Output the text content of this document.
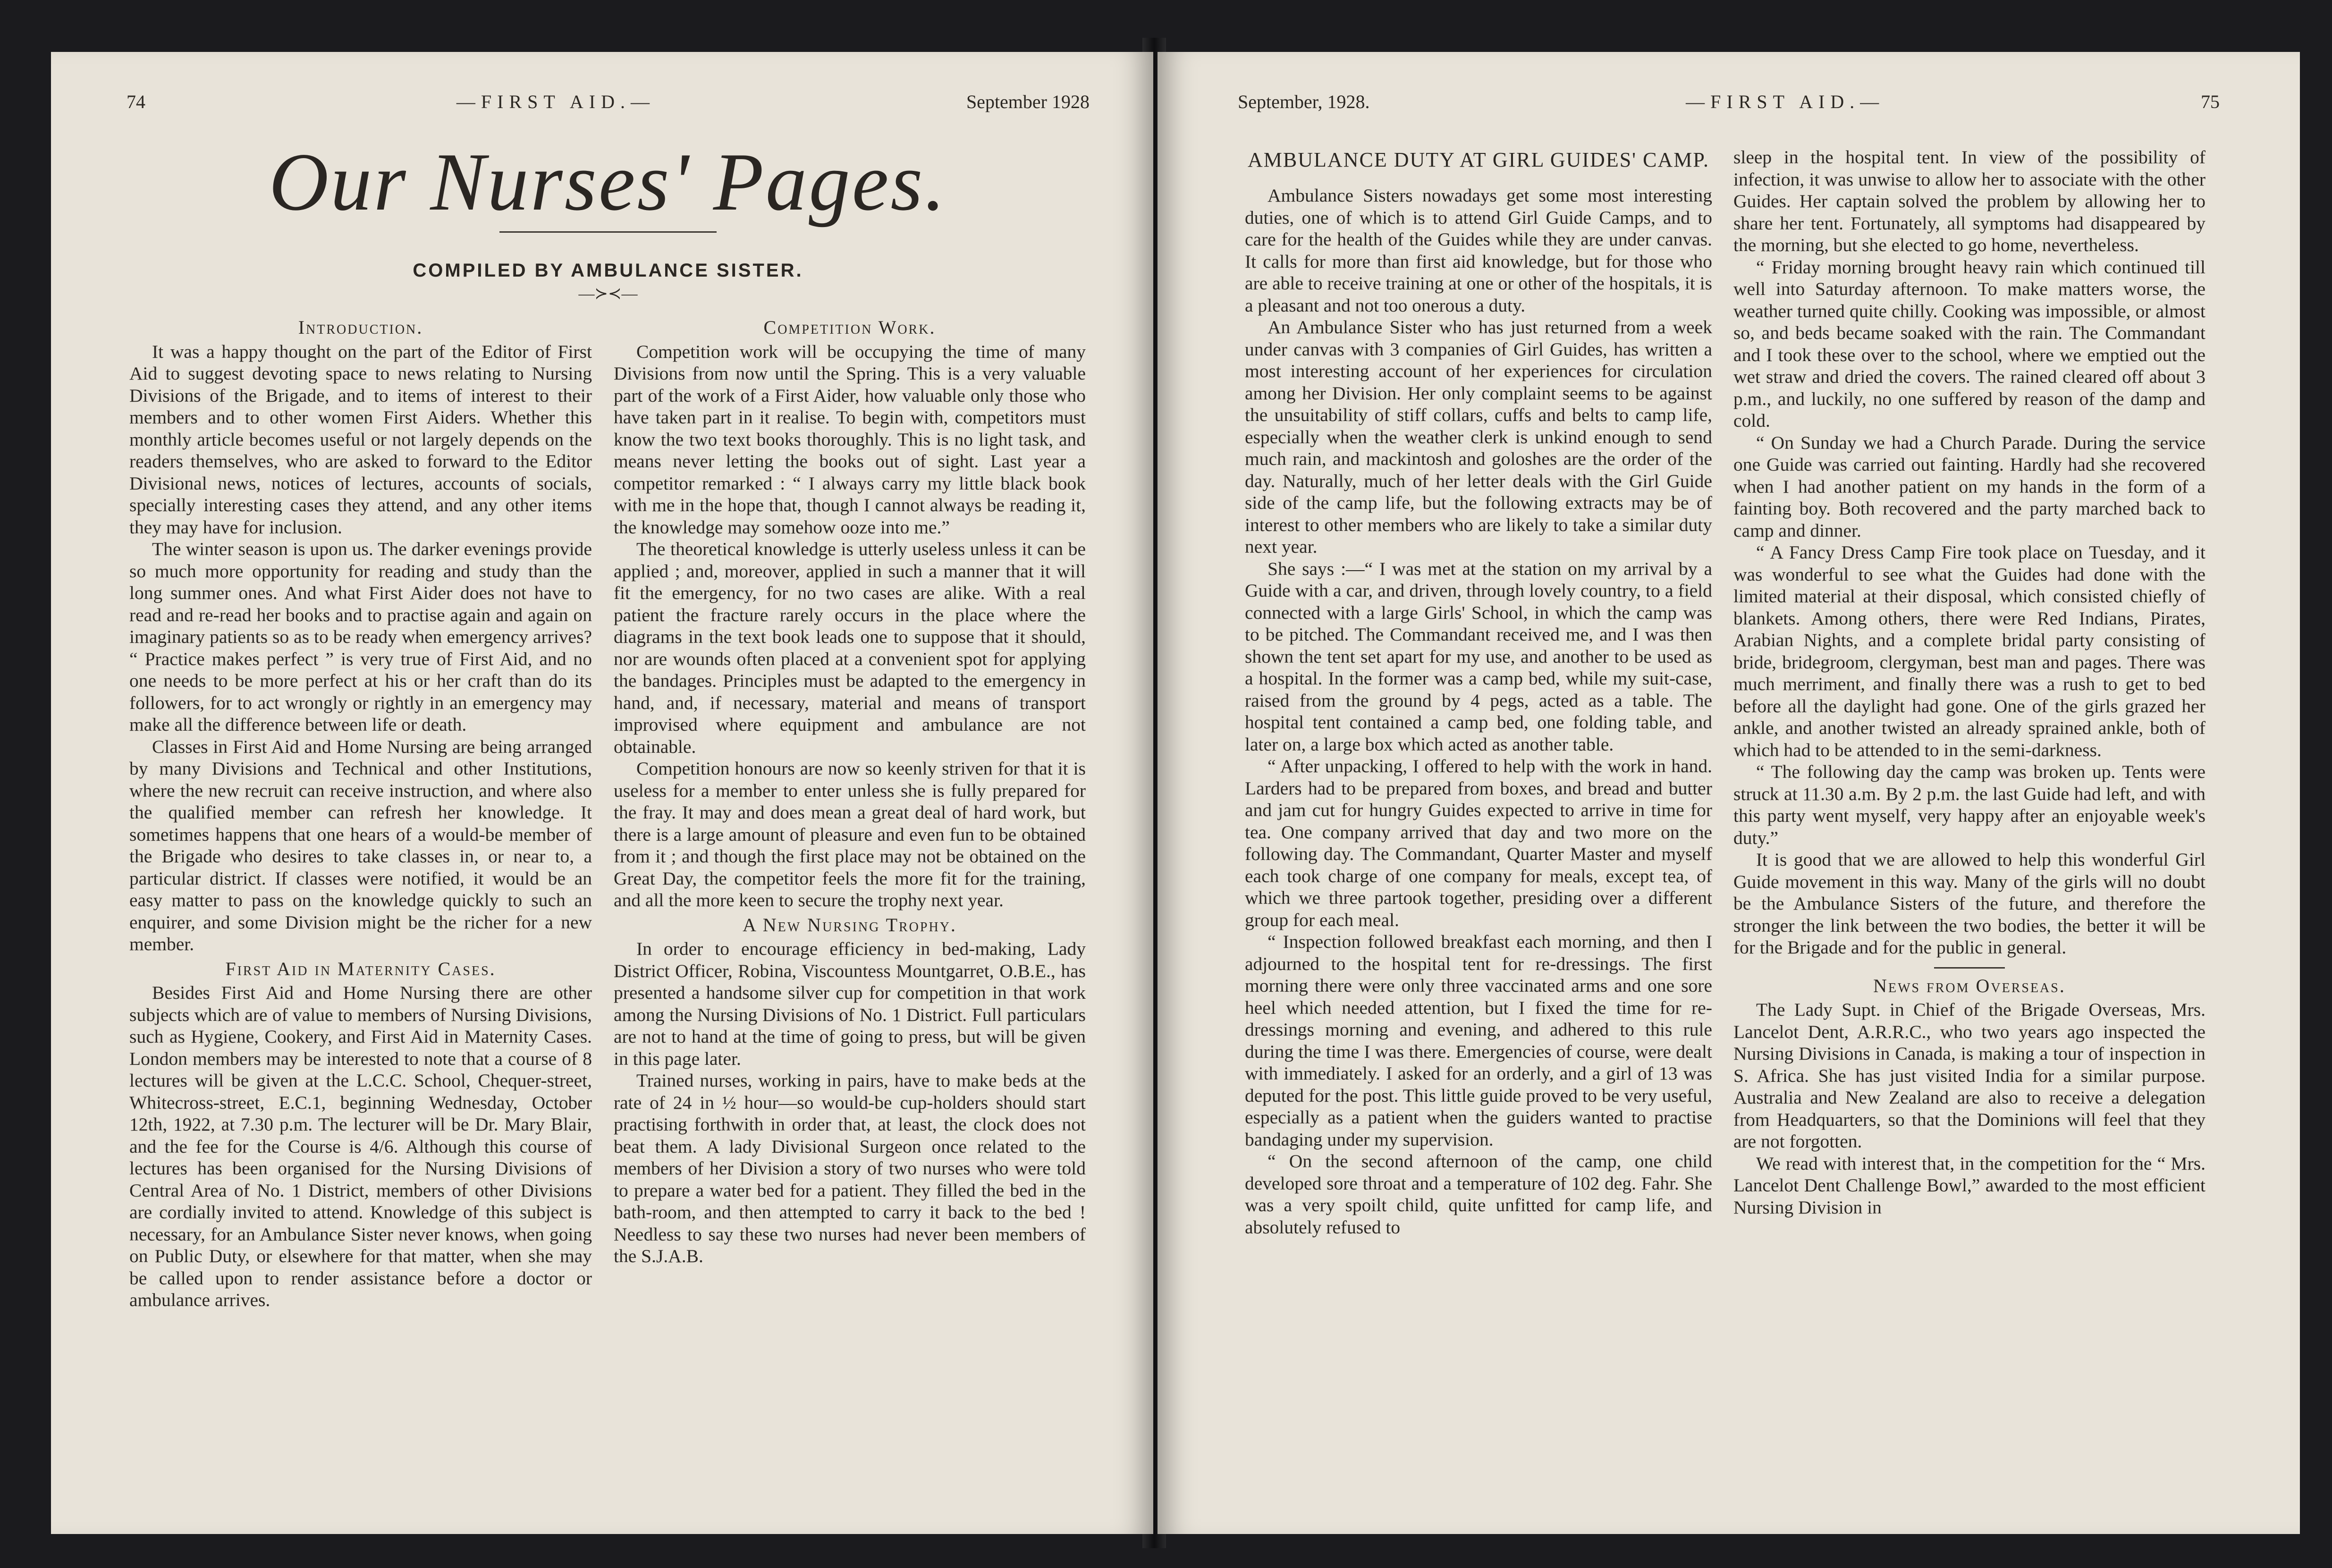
74	—FIRST AID.—	September 1928
Our Nurses' Pages.
COMPILED BY AMBULANCE SISTER.
—≻≺—
Introduction.

It was a happy thought on the part of the Editor of First Aid to suggest devoting space to news relating to Nursing Divisions of the Brigade, and to items of interest to their members and to other women First Aiders. Whether this monthly article becomes useful or not largely depends on the readers themselves, who are asked to forward to the Editor Divisional news, notices of lectures, accounts of socials, specially interesting cases they attend, and any other items they may have for inclusion.

The winter season is upon us. The darker evenings provide so much more opportunity for reading and study than the long summer ones. And what First Aider does not have to read and re-read her books and to practise again and again on imaginary patients so as to be ready when emergency arrives? “ Practice makes perfect ” is very true of First Aid, and no one needs to be more perfect at his or her craft than do its followers, for to act wrongly or rightly in an emergency may make all the difference between life or death.

Classes in First Aid and Home Nursing are being arranged by many Divisions and Technical and other Institutions, where the new recruit can receive instruction, and where also the qualified member can refresh her knowledge. It sometimes happens that one hears of a would-be member of the Brigade who desires to take classes in, or near to, a particular district. If classes were notified, it would be an easy matter to pass on the knowledge quickly to such an enquirer, and some Division might be the richer for a new member.

First Aid in Maternity Cases.

Besides First Aid and Home Nursing there are other subjects which are of value to members of Nursing Divisions, such as Hygiene, Cookery, and First Aid in Maternity Cases. London members may be interested to note that a course of 8 lectures will be given at the L.C.C. School, Chequer-street, Whitecross-street, E.C.1, beginning Wednesday, October 12th, 1922, at 7.30 p.m. The lecturer will be Dr. Mary Blair, and the fee for the Course is 4/6. Although this course of lectures has been organised for the Nursing Divisions of Central Area of No. 1 District, members of other Divisions are cordially invited to attend. Knowledge of this subject is necessary, for an Ambulance Sister never knows, when going on Public Duty, or elsewhere for that matter, when she may be called upon to render assistance before a doctor or ambulance arrives.

Competition Work.

Competition work will be occupying the time of many Divisions from now until the Spring. This is a very valuable part of the work of a First Aider, how valuable only those who have taken part in it realise. To begin with, competitors must know the two text books thoroughly. This is no light task, and means never letting the books out of sight. Last year a competitor remarked : “ I always carry my little black book with me in the hope that, though I cannot always be reading it, the knowledge may somehow ooze into me.”

The theoretical knowledge is utterly useless unless it can be applied ; and, moreover, applied in such a manner that it will fit the emergency, for no two cases are alike. With a real patient the fracture rarely occurs in the place where the diagrams in the text book leads one to suppose that it should, nor are wounds often placed at a convenient spot for applying the bandages. Principles must be adapted to the emergency in hand, and, if necessary, material and means of transport improvised where equipment and ambulance are not obtainable.

Competition honours are now so keenly striven for that it is useless for a member to enter unless she is fully prepared for the fray. It may and does mean a great deal of hard work, but there is a large amount of pleasure and even fun to be obtained from it ; and though the first place may not be obtained on the Great Day, the competitor feels the more fit for the training, and all the more keen to secure the trophy next year.

A New Nursing Trophy.

In order to encourage efficiency in bed-making, Lady District Officer, Robina, Viscountess Mountgarret, O.B.E., has presented a handsome silver cup for competition in that work among the Nursing Divisions of No. 1 District. Full particulars are not to hand at the time of going to press, but will be given in this page later.

Trained nurses, working in pairs, have to make beds at the rate of 24 in ½ hour—so would-be cup-holders should start practising forthwith in order that, at least, the clock does not beat them. A lady Divisional Surgeon once related to the members of her Division a story of two nurses who were told to prepare a water bed for a patient. They filled the bed in the bath-room, and then attempted to carry it back to the bed ! Needless to say these two nurses had never been members of the S.J.A.B.

September, 1928.	—FIRST AID.—	75
AMBULANCE DUTY AT GIRL GUIDES' CAMP.

Ambulance Sisters nowadays get some most interesting duties, one of which is to attend Girl Guide Camps, and to care for the health of the Guides while they are under canvas. It calls for more than first aid knowledge, but for those who are able to receive training at one or other of the hospitals, it is a pleasant and not too onerous a duty.

An Ambulance Sister who has just returned from a week under canvas with 3 companies of Girl Guides, has written a most interesting account of her experiences for circulation among her Division. Her only complaint seems to be against the unsuitability of stiff collars, cuffs and belts to camp life, especially when the weather clerk is unkind enough to send much rain, and mackintosh and goloshes are the order of the day. Naturally, much of her letter deals with the Girl Guide side of the camp life, but the following extracts may be of interest to other members who are likely to take a similar duty next year.

She says :—“ I was met at the station on my arrival by a Guide with a car, and driven, through lovely country, to a field connected with a large Girls' School, in which the camp was to be pitched. The Commandant received me, and I was then shown the tent set apart for my use, and another to be used as a hospital. In the former was a camp bed, while my suit-case, raised from the ground by 4 pegs, acted as a table. The hospital tent contained a camp bed, one folding table, and later on, a large box which acted as another table.

“ After unpacking, I offered to help with the work in hand. Larders had to be prepared from boxes, and bread and butter and jam cut for hungry Guides expected to arrive in time for tea. One company arrived that day and two more on the following day. The Commandant, Quarter Master and myself each took charge of one company for meals, except tea, of which we three partook together, presiding over a different group for each meal.

“ Inspection followed breakfast each morning, and then I adjourned to the hospital tent for re-dressings. The first morning there were only three vaccinated arms and one sore heel which needed attention, but I fixed the time for re-dressings morning and evening, and adhered to this rule during the time I was there. Emergencies of course, were dealt with immediately. I asked for an orderly, and a girl of 13 was deputed for the post. This little guide proved to be very useful, especially as a patient when the guiders wanted to practise bandaging under my supervision.

“ On the second afternoon of the camp, one child developed sore throat and a temperature of 102 deg. Fahr. She was a very spoilt child, quite unfitted for camp life, and absolutely refused to

sleep in the hospital tent. In view of the possibility of infection, it was unwise to allow her to associate with the other Guides. Her captain solved the problem by allowing her to share her tent. Fortunately, all symptoms had disappeared by the morning, but she elected to go home, nevertheless.

“ Friday morning brought heavy rain which continued till well into Saturday afternoon. To make matters worse, the weather turned quite chilly. Cooking was impossible, or almost so, and beds became soaked with the rain. The Commandant and I took these over to the school, where we emptied out the wet straw and dried the covers. The rained cleared off about 3 p.m., and luckily, no one suffered by reason of the damp and cold.

“ On Sunday we had a Church Parade. During the service one Guide was carried out fainting. Hardly had she recovered when I had another patient on my hands in the form of a fainting boy. Both recovered and the party marched back to camp and dinner.

“ A Fancy Dress Camp Fire took place on Tuesday, and it was wonderful to see what the Guides had done with the limited material at their disposal, which consisted chiefly of blankets. Among others, there were Red Indians, Pirates, Arabian Nights, and a complete bridal party consisting of bride, bridegroom, clergyman, best man and pages. There was much merriment, and finally there was a rush to get to bed before all the daylight had gone. One of the girls grazed her ankle, and another twisted an already sprained ankle, both of which had to be attended to in the semi-darkness.

“ The following day the camp was broken up. Tents were struck at 11.30 a.m. By 2 p.m. the last Guide had left, and with this party went myself, very happy after an enjoyable week's duty.”

It is good that we are allowed to help this wonderful Girl Guide movement in this way. Many of the girls will no doubt be the Ambulance Sisters of the future, and therefore the stronger the link between the two bodies, the better it will be for the Brigade and for the public in general.

News from Overseas.

The Lady Supt. in Chief of the Brigade Overseas, Mrs. Lancelot Dent, A.R.R.C., who two years ago inspected the Nursing Divisions in Canada, is making a tour of inspection in S. Africa. She has just visited India for a similar purpose. Australia and New Zealand are also to receive a delegation from Headquarters, so that the Dominions will feel that they are not forgotten.

We read with interest that, in the competition for the “ Mrs. Lancelot Dent Challenge Bowl,” awarded to the most efficient Nursing Division in
